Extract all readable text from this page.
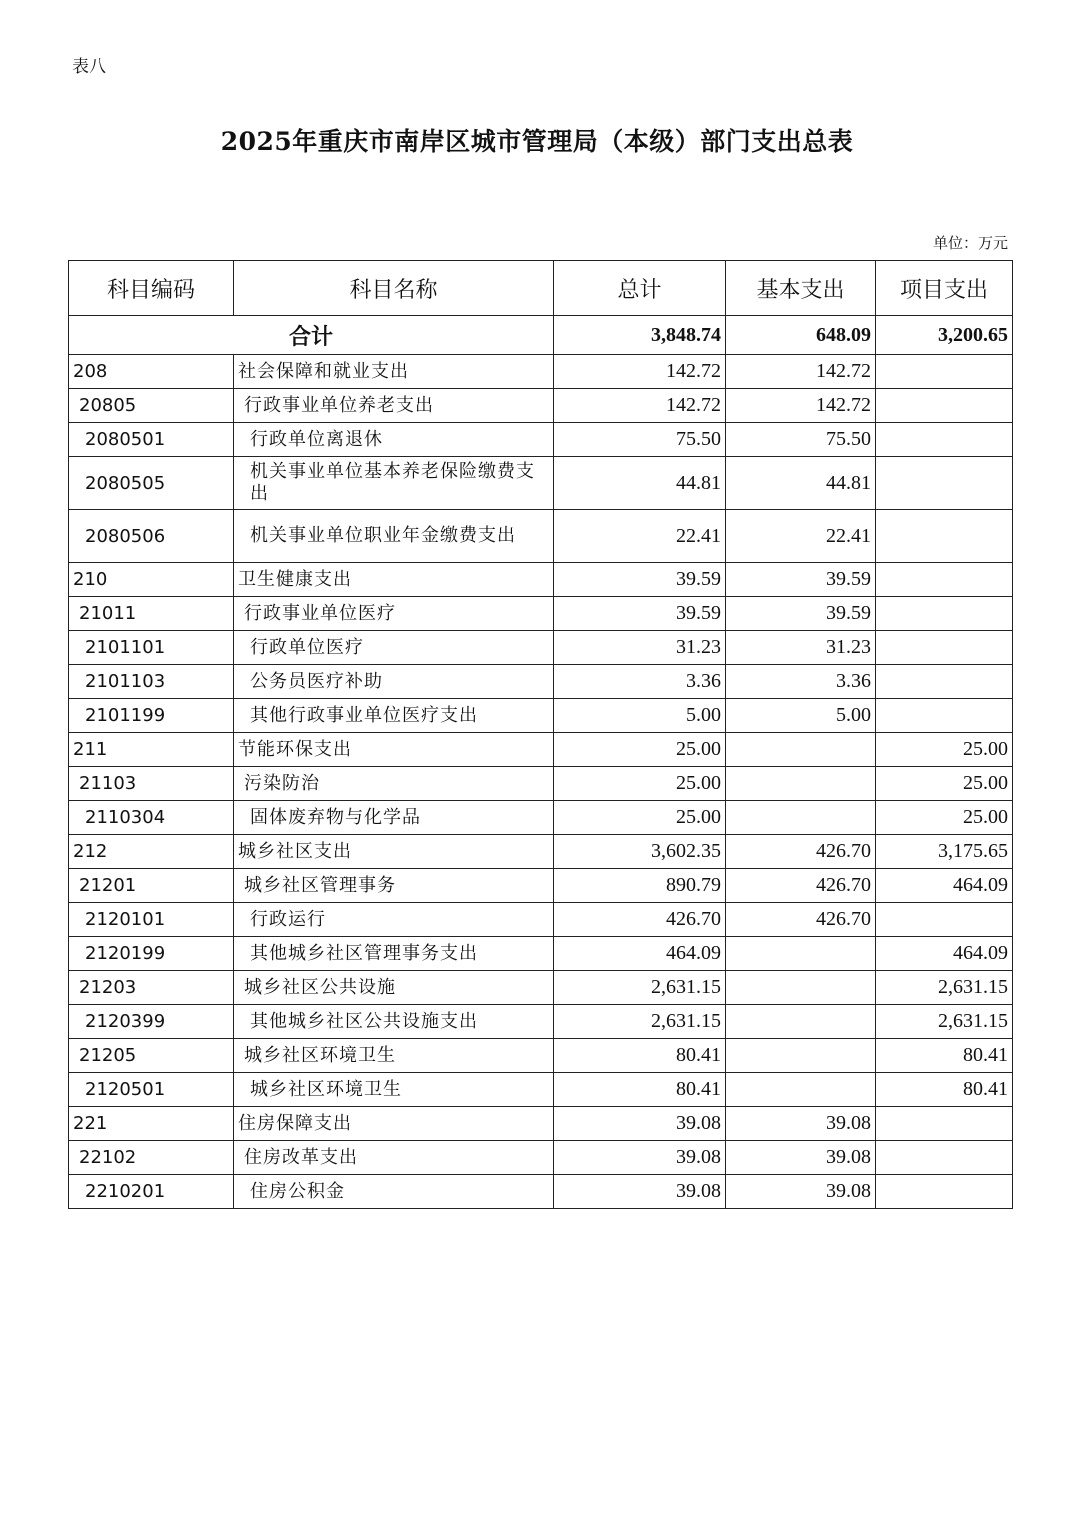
表八
2025年重庆市南岸区城市管理局（本级）部门支出总表
单位：万元
科目编码	科目名称	总计	基本支出	项目支出
合计		3,848.74	648.09	3,200.65
208	社会保障和就业支出	142.72	142.72	
20805	行政事业单位养老支出	142.72	142.72	
2080501	行政单位离退休	75.50	75.50	
2080505	机关事业单位基本养老保险缴费支出	44.81	44.81	
2080506	机关事业单位职业年金缴费支出	22.41	22.41	
210	卫生健康支出	39.59	39.59	
21011	行政事业单位医疗	39.59	39.59	
2101101	行政单位医疗	31.23	31.23	
2101103	公务员医疗补助	3.36	3.36	
2101199	其他行政事业单位医疗支出	5.00	5.00	
211	节能环保支出	25.00		25.00
21103	污染防治	25.00		25.00
2110304	固体废弃物与化学品	25.00		25.00
212	城乡社区支出	3,602.35	426.70	3,175.65
21201	城乡社区管理事务	890.79	426.70	464.09
2120101	行政运行	426.70	426.70	
2120199	其他城乡社区管理事务支出	464.09		464.09
21203	城乡社区公共设施	2,631.15		2,631.15
2120399	其他城乡社区公共设施支出	2,631.15		2,631.15
21205	城乡社区环境卫生	80.41		80.41
2120501	城乡社区环境卫生	80.41		80.41
221	住房保障支出	39.08	39.08	
22102	住房改革支出	39.08	39.08	
2210201	住房公积金	39.08	39.08	
